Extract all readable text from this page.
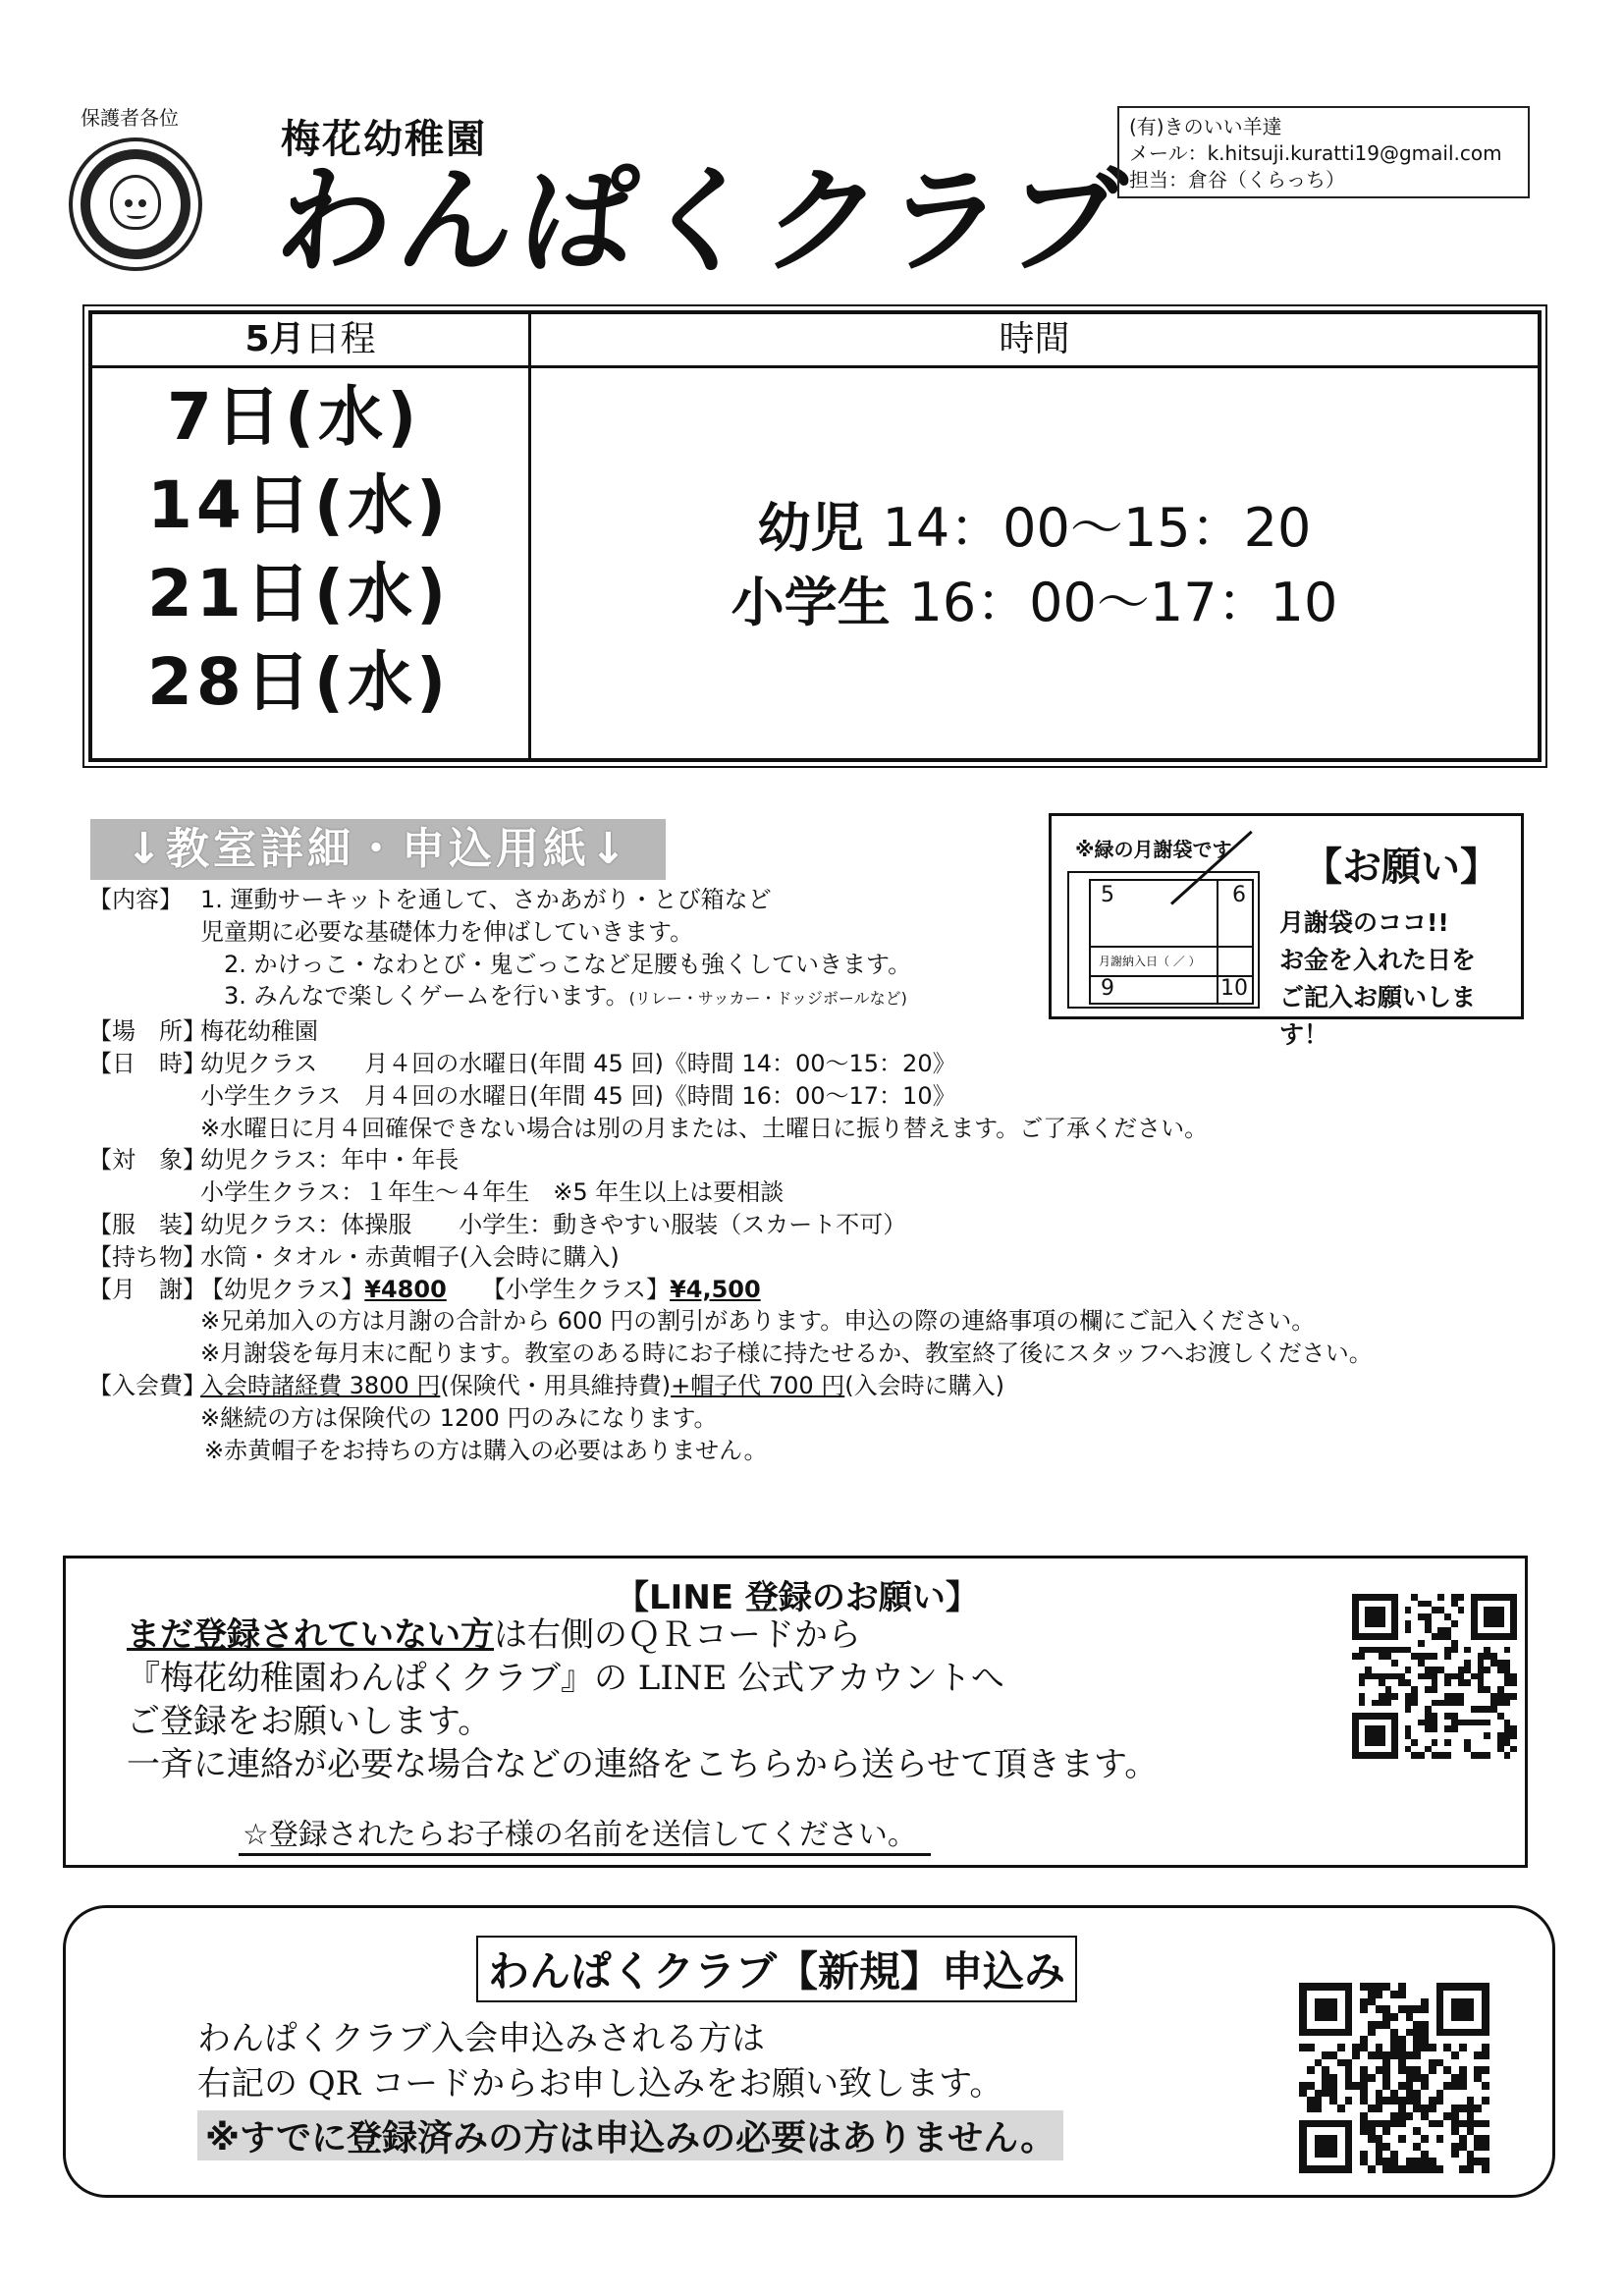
保護者各位	梅花幼稚園
わんぱくクラブ
(有)きのいい羊達
メール：k.hitsuji.kuratti19@gmail.com
担当：倉谷（くらっち）
5月日程	時間
7日(水)
14日(水)
21日(水)
28日(水)
幼児 14：00〜15：20
小学生 16：00〜17：10
↓教室詳細・申込用紙↓	※緑の月謝袋です 【お願い】
5	6
月謝納入日（ ／ ）
9	10
月謝袋のココ!!
お金を入れた日を
ご記入お願いします！
【内容】 1. 運動サーキットを通して、さかあがり・とび箱など
児童期に必要な基礎体力を伸ばしていきます。
2. かけっこ・なわとび・鬼ごっこなど足腰も強くしていきます。
3. みんなで楽しくゲームを行います。(リレー・サッカー・ドッジボールなど)
【場　所】
梅花幼稚園
【日　時】
幼児クラス　　月４回の水曜日(年間 45 回)《時間 14：00〜15：20》
小学生クラス　月４回の水曜日(年間 45 回)《時間 16：00〜17：10》
※水曜日に月４回確保できない場合は別の月または、土曜日に振り替えます。ご了承ください。
【対　象】
幼児クラス：年中・年長
小学生クラス：１年生〜４年生　※5 年生以上は要相談
【服　装】
幼児クラス：体操服　　小学生：動きやすい服装（スカート不可）
【持ち物】
水筒・タオル・赤黄帽子(入会時に購入)
【月　謝】
【幼児クラス】¥4800　　 【小学生クラス】¥4,500
※兄弟加入の方は月謝の合計から 600 円の割引があります。申込の際の連絡事項の欄にご記入ください。
※月謝袋を毎月末に配ります。教室のある時にお子様に持たせるか、教室終了後にスタッフへお渡しください。
【入会費】
入会時諸経費 3800 円(保険代・用具維持費)+帽子代 700 円(入会時に購入)
※継続の方は保険代の 1200 円のみになります。
※赤黄帽子をお持ちの方は購入の必要はありません。
【LINE 登録のお願い】
まだ登録されていない方は右側のＱＲコードから
『梅花幼稚園わんぱくクラブ』の LINE 公式アカウントへ
ご登録をお願いします。
一斉に連絡が必要な場合などの連絡をこちらから送らせて頂きます。
☆登録されたらお子様の名前を送信してください。
わんぱくクラブ【新規】申込み
わんぱくクラブ入会申込みされる方は
右記の QR コードからお申し込みをお願い致します。
※すでに登録済みの方は申込みの必要はありません。
